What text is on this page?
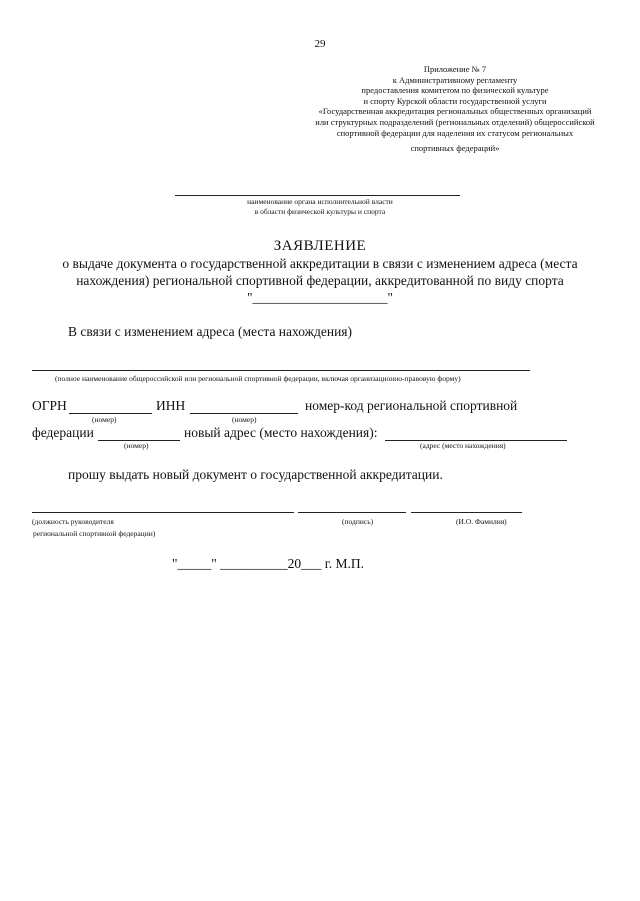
29
Приложение № 7
к Административному регламенту
предоставления комитетом по физической культуре
и спорту Курской области государственной услуги
«Государственная аккредитация региональных общественных организаций
или структурных подразделений (региональных отделений) общероссийской
спортивной федерации для наделения их статусом региональных
спортивных федераций»
наименование органа исполнительной власти
в области физической культуры и спорта
ЗАЯВЛЕНИЕ
о выдаче документа о государственной аккредитации в связи с изменением адреса (места
нахождения) региональной спортивной федерации, аккредитованной по виду спорта
"____________________"
В связи с изменением адреса (места нахождения)
(полное наименование общероссийской или региональной спортивной федерации, включая организационно-правовую форму)
ОГРН	ИНН	номер-код региональной спортивной
(номер)	(номер)
федерации	новый адрес (место нахождения):
(номер)	(адрес (место нахождения)
прошу выдать новый документ о государственной аккредитации.
(должность руководителя
региональной спортивной федерации)
(подпись)	(И.О. Фамилия)
"_____" __________20___ г. М.П.
